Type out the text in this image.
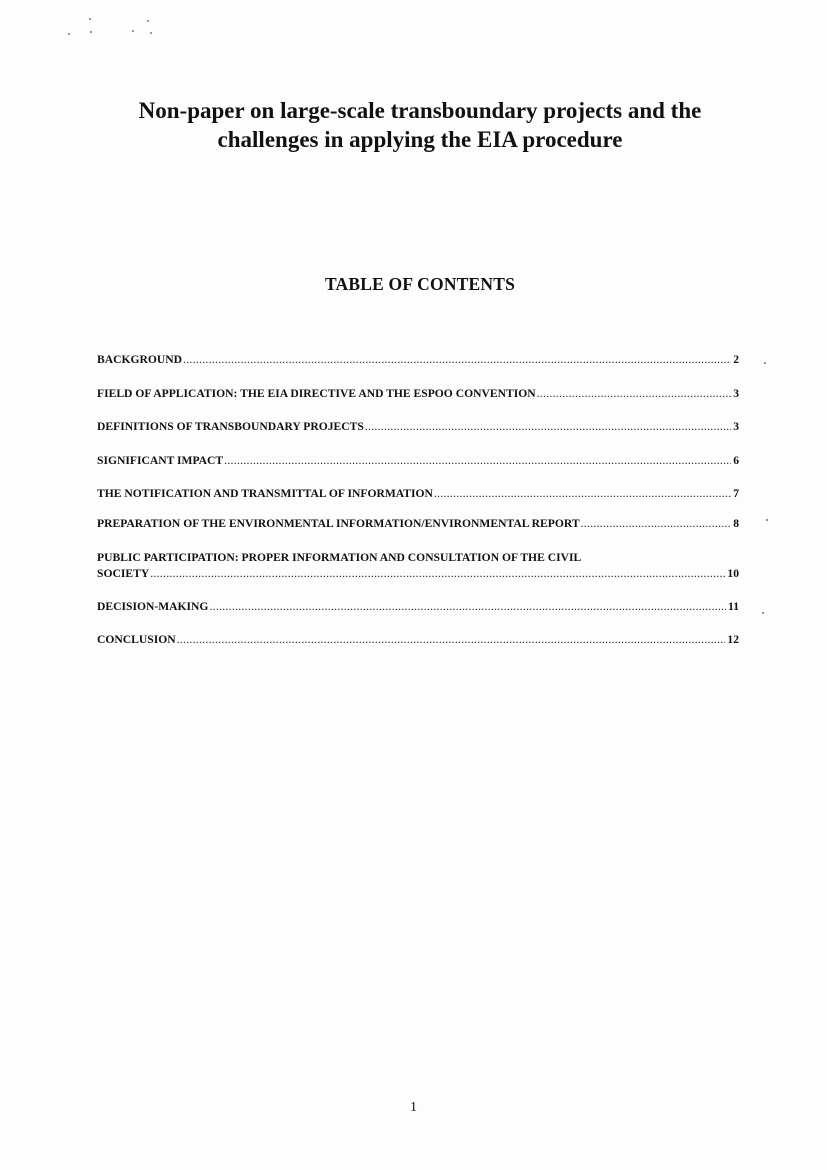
Non-paper on large-scale transboundary projects and the
challenges in applying the EIA procedure
TABLE OF CONTENTS
BACKGROUND .....	2
FIELD OF APPLICATION: THE EIA DIRECTIVE AND THE ESPOO CONVENTION .....	3
DEFINITIONS OF TRANSBOUNDARY PROJECTS .....	3
SIGNIFICANT IMPACT .....	6
THE NOTIFICATION AND TRANSMITTAL OF INFORMATION .....	7
PREPARATION OF THE ENVIRONMENTAL INFORMATION/ENVIRONMENTAL REPORT .....	8
PUBLIC PARTICIPATION: PROPER INFORMATION AND CONSULTATION OF THE CIVIL
SOCIETY .....	10
DECISION-MAKING .....	11
CONCLUSION .....	12
1
